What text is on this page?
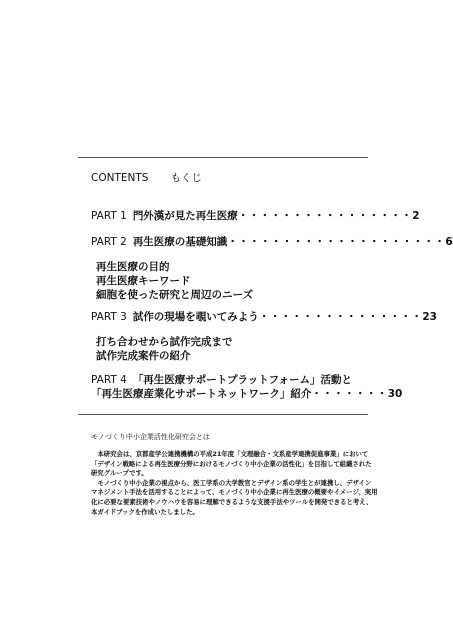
CONTENTS もくじ
PART 1 門外漢が見た再生医療・・・・・・・・・・・・・・・・2
PART 2 再生医療の基礎知識・・・・・・・・・・・・・・・・・・・・6
再生医療の目的
再生医療キーワード
細胞を使った研究と周辺のニーズ
PART 3 試作の現場を覗いてみよう・・・・・・・・・・・・・・・23
打ち合わせから試作完成まで
試作完成案件の紹介
PART 4 「再生医療サポートプラットフォーム」活動と
「再生医療産業化サポートネットワーク」紹介・・・・・・・30
モノづくり中小企業活性化研究会とは
　本研究会は、京都産学公連携機構の平成21年度「文理融合・文系産学連携促進事業」において
「デザイン戦略による再生医療分野におけるモノづくり中小企業の活性化」を目指して組織された
研究グループです。
　モノづくり中小企業の視点から、医工学系の大学教官とデザイン系の学生とが連携し、デザイン
マネジメント手法を活用することによって、モノづくり中小企業に再生医療の概要やイメージ、実用
化に必要な要素技術やノウハウを容易に理解できるような支援手法やツールを開発できると考え、
本ガイドブックを作成いたしました。
